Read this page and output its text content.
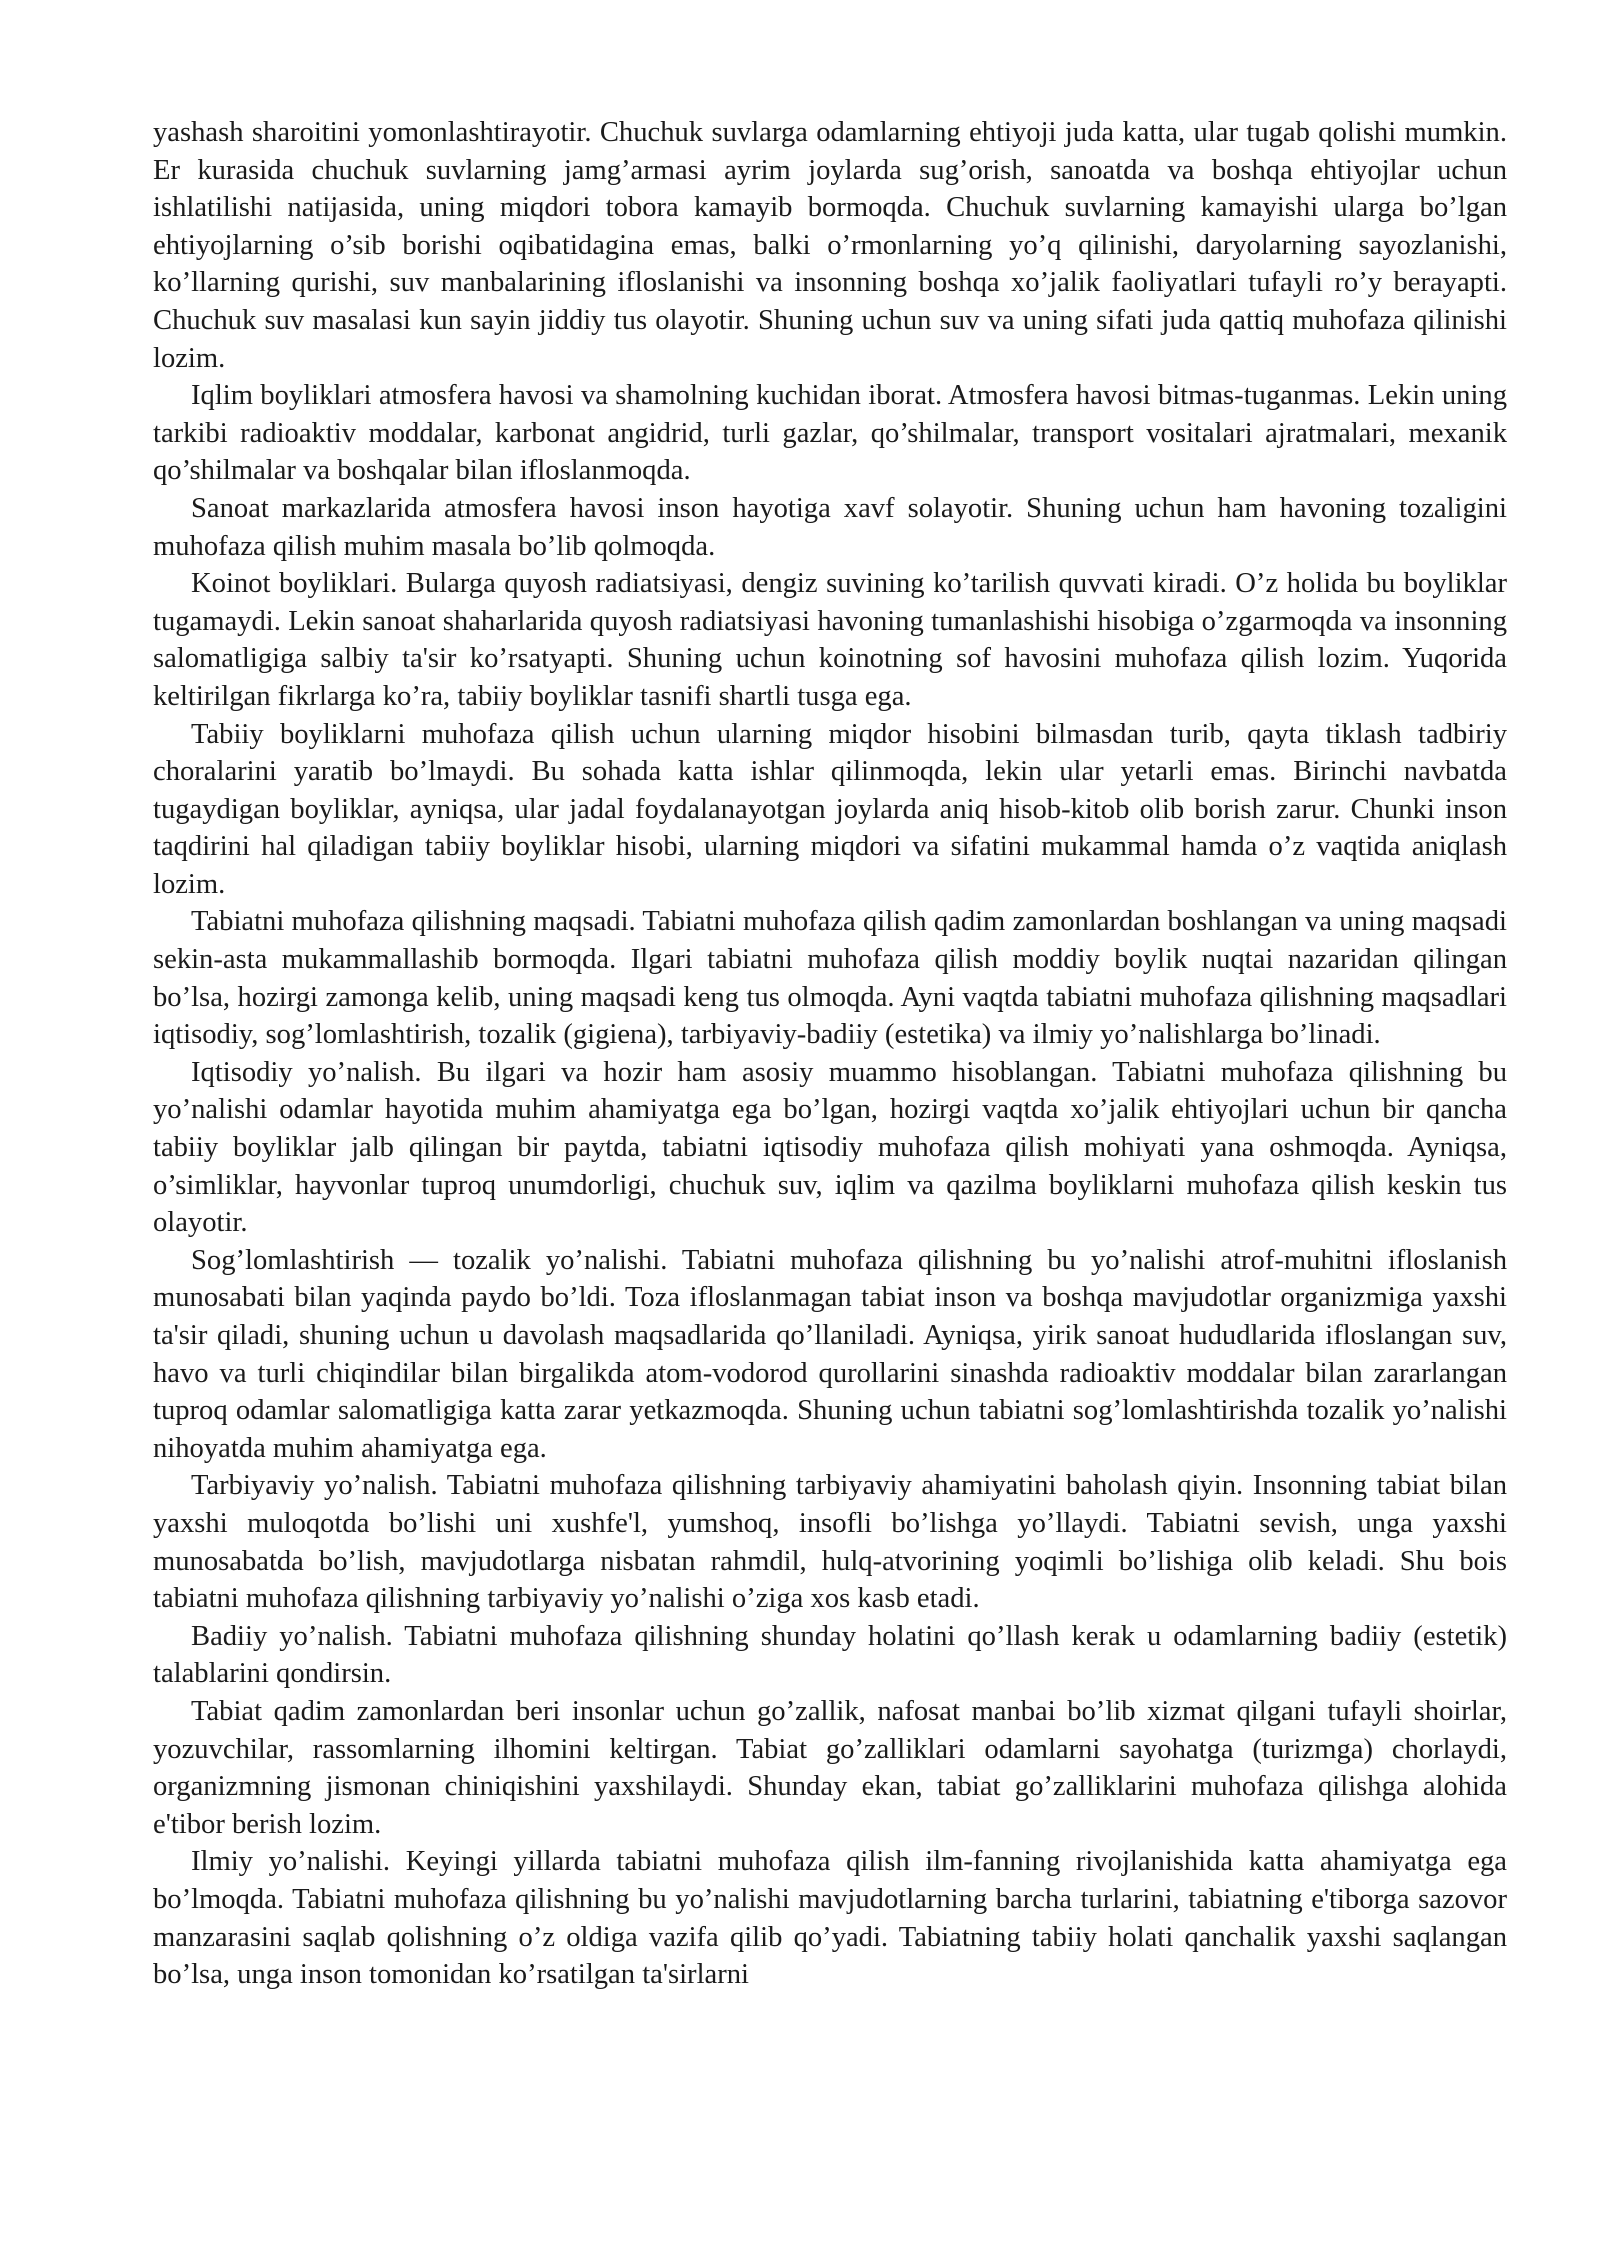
yashash sharoitini yomonlashtirayotir. Chuchuk suvlarga odamlarning ehtiyoji juda katta, ular tugab qolishi mumkin. Er kurasida chuchuk suvlarning jamg’armasi ayrim joylarda sug’orish, sanoatda va boshqa ehtiyojlar uchun ishlatilishi natijasida, uning miqdori tobora kamayib bormoqda. Chuchuk suvlarning kamayishi ularga bo’lgan ehtiyojlarning o’sib borishi oqibatidagina emas, balki o’rmonlarning yo’q qilinishi, daryolarning sayozlanishi, ko’llarning qurishi, suv manbalarining ifloslanishi va insonning boshqa xo’jalik faoliyatlari tufayli ro’y berayapti. Chuchuk suv masalasi kun sayin jiddiy tus olayotir. Shuning uchun suv va uning sifati juda qattiq muhofaza qilinishi lozim.

Iqlim boyliklari atmosfera havosi va shamolning kuchidan iborat. Atmosfera havosi bitmas-tuganmas. Lekin uning tarkibi radioaktiv moddalar, karbonat angidrid, turli gazlar, qo’shilmalar, transport vositalari ajratmalari, mexanik qo’shilmalar va boshqalar bilan ifloslanmoqda.

Sanoat markazlarida atmosfera havosi inson hayotiga xavf solayotir. Shuning uchun ham havoning tozaligini muhofaza qilish muhim masala bo’lib qolmoqda.

Koinot boyliklari. Bularga quyosh radiatsiyasi, dengiz suvining ko’tarilish quvvati kiradi. O’z holida bu boyliklar tugamaydi. Lekin sanoat shaharlarida quyosh radiatsiyasi havoning tumanlashishi hisobiga o’zgarmoqda va insonning salomatligiga salbiy ta'sir ko’rsatyapti. Shuning uchun koinotning sof havosini muhofaza qilish lozim. Yuqorida keltirilgan fikrlarga ko’ra, tabiiy boyliklar tasnifi shartli tusga ega.

Tabiiy boyliklarni muhofaza qilish uchun ularning miqdor hisobini bilmasdan turib, qayta tiklash tadbiriy choralarini yaratib bo’lmaydi. Bu sohada katta ishlar qilinmoqda, lekin ular yetarli emas. Birinchi navbatda tugaydigan boyliklar, ayniqsa, ular jadal foydalanayotgan joylarda aniq hisob-kitob olib borish zarur. Chunki inson taqdirini hal qiladigan tabiiy boyliklar hisobi, ularning miqdori va sifatini mukammal hamda o’z vaqtida aniqlash lozim.

Tabiatni muhofaza qilishning maqsadi. Tabiatni muhofaza qilish qadim zamonlardan boshlangan va uning maqsadi sekin-asta mukammallashib bormoqda. Ilgari tabiatni muhofaza qilish moddiy boylik nuqtai nazaridan qilingan bo’lsa, hozirgi zamonga kelib, uning maqsadi keng tus olmoqda. Ayni vaqtda tabiatni muhofaza qilishning maqsadlari iqtisodiy, sog’lomlashtirish, tozalik (gigiena), tarbiyaviy-badiiy (estetika) va ilmiy yo’nalishlarga bo’linadi.

Iqtisodiy yo’nalish. Bu ilgari va hozir ham asosiy muammo hisoblangan. Tabiatni muhofaza qilishning bu yo’nalishi odamlar hayotida muhim ahamiyatga ega bo’lgan, hozirgi vaqtda xo’jalik ehtiyojlari uchun bir qancha tabiiy boyliklar jalb qilingan bir paytda, tabiatni iqtisodiy muhofaza qilish mohiyati yana oshmoqda. Ayniqsa, o’simliklar, hayvonlar tuproq unumdorligi, chuchuk suv, iqlim va qazilma boyliklarni muhofaza qilish keskin tus olayotir.

Sog’lomlashtirish — tozalik yo’nalishi. Tabiatni muhofaza qilishning bu yo’nalishi atrof-muhitni ifloslanish munosabati bilan yaqinda paydo bo’ldi. Toza ifloslanmagan tabiat inson va boshqa mavjudotlar organizmiga yaxshi ta'sir qiladi, shuning uchun u davolash maqsadlarida qo’llaniladi. Ayniqsa, yirik sanoat hududlarida ifloslangan suv, havo va turli chiqindilar bilan birgalikda atom-vodorod qurollarini sinashda radioaktiv moddalar bilan zararlangan tuproq odamlar salomatligiga katta zarar yetkazmoqda. Shuning uchun tabiatni sog’lomlashtirishda tozalik yo’nalishi nihoyatda muhim ahamiyatga ega.

Tarbiyaviy yo’nalish. Tabiatni muhofaza qilishning tarbiyaviy ahamiyatini baholash qiyin. Insonning tabiat bilan yaxshi muloqotda bo’lishi uni xushfe'l, yumshoq, insofli bo’lishga yo’llaydi. Tabiatni sevish, unga yaxshi munosabatda bo’lish, mavjudotlarga nisbatan rahmdil, hulq-atvorining yoqimli bo’lishiga olib keladi. Shu bois tabiatni muhofaza qilishning tarbiyaviy yo’nalishi o’ziga xos kasb etadi.

Badiiy yo’nalish. Tabiatni muhofaza qilishning shunday holatini qo’llash kerak u odamlarning badiiy (estetik) talablarini qondirsin.

Tabiat qadim zamonlardan beri insonlar uchun go’zallik, nafosat manbai bo’lib xizmat qilgani tufayli shoirlar, yozuvchilar, rassomlarning ilhomini keltirgan. Tabiat go’zalliklari odamlarni sayohatga (turizmga) chorlaydi, organizmning jismonan chiniqishini yaxshilaydi. Shunday ekan, tabiat go’zalliklarini muhofaza qilishga alohida e'tibor berish lozim.

Ilmiy yo’nalishi. Keyingi yillarda tabiatni muhofaza qilish ilm-fanning rivojlanishida katta ahamiyatga ega bo’lmoqda. Tabiatni muhofaza qilishning bu yo’nalishi mavjudotlarning barcha turlarini, tabiatning e'tiborga sazovor manzarasini saqlab qolishning o’z oldiga vazifa qilib qo’yadi. Tabiatning tabiiy holati qanchalik yaxshi saqlangan bo’lsa, unga inson tomonidan ko’rsatilgan ta'sirlarni
